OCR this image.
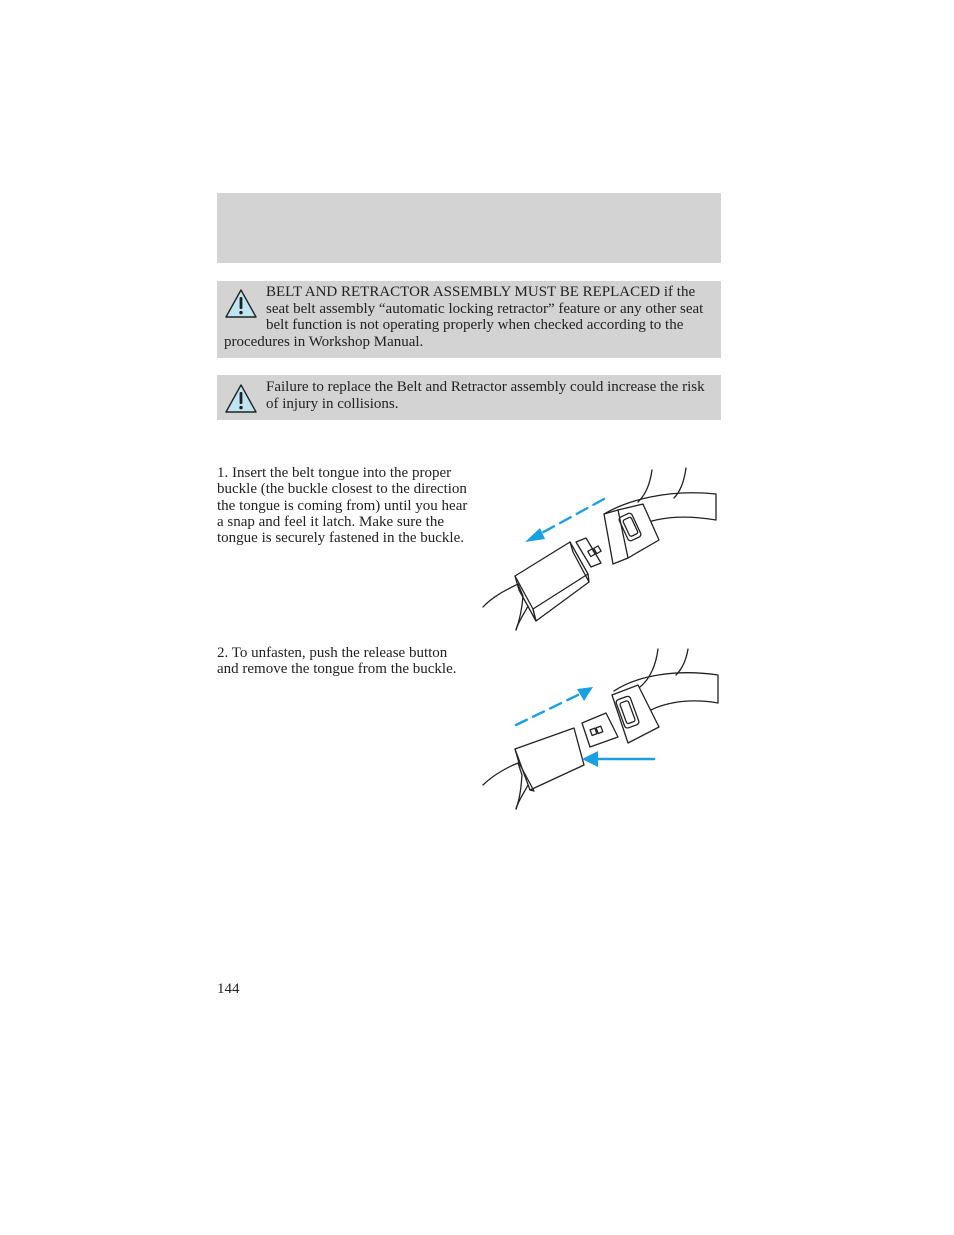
BELT AND RETRACTOR ASSEMBLY MUST BE REPLACED if the seat belt assembly “automatic locking retractor” feature or any other seat belt function is not operating properly when checked according to the procedures in Workshop Manual.
Failure to replace the Belt and Retractor assembly could increase the risk of injury in collisions.

1. Insert the belt tongue into the proper buckle (the buckle closest to the direction the tongue is coming from) until you hear a snap and feel it latch. Make sure the tongue is securely fastened in the buckle.

2. To unfasten, push the release button and remove the tongue from the buckle.

144
